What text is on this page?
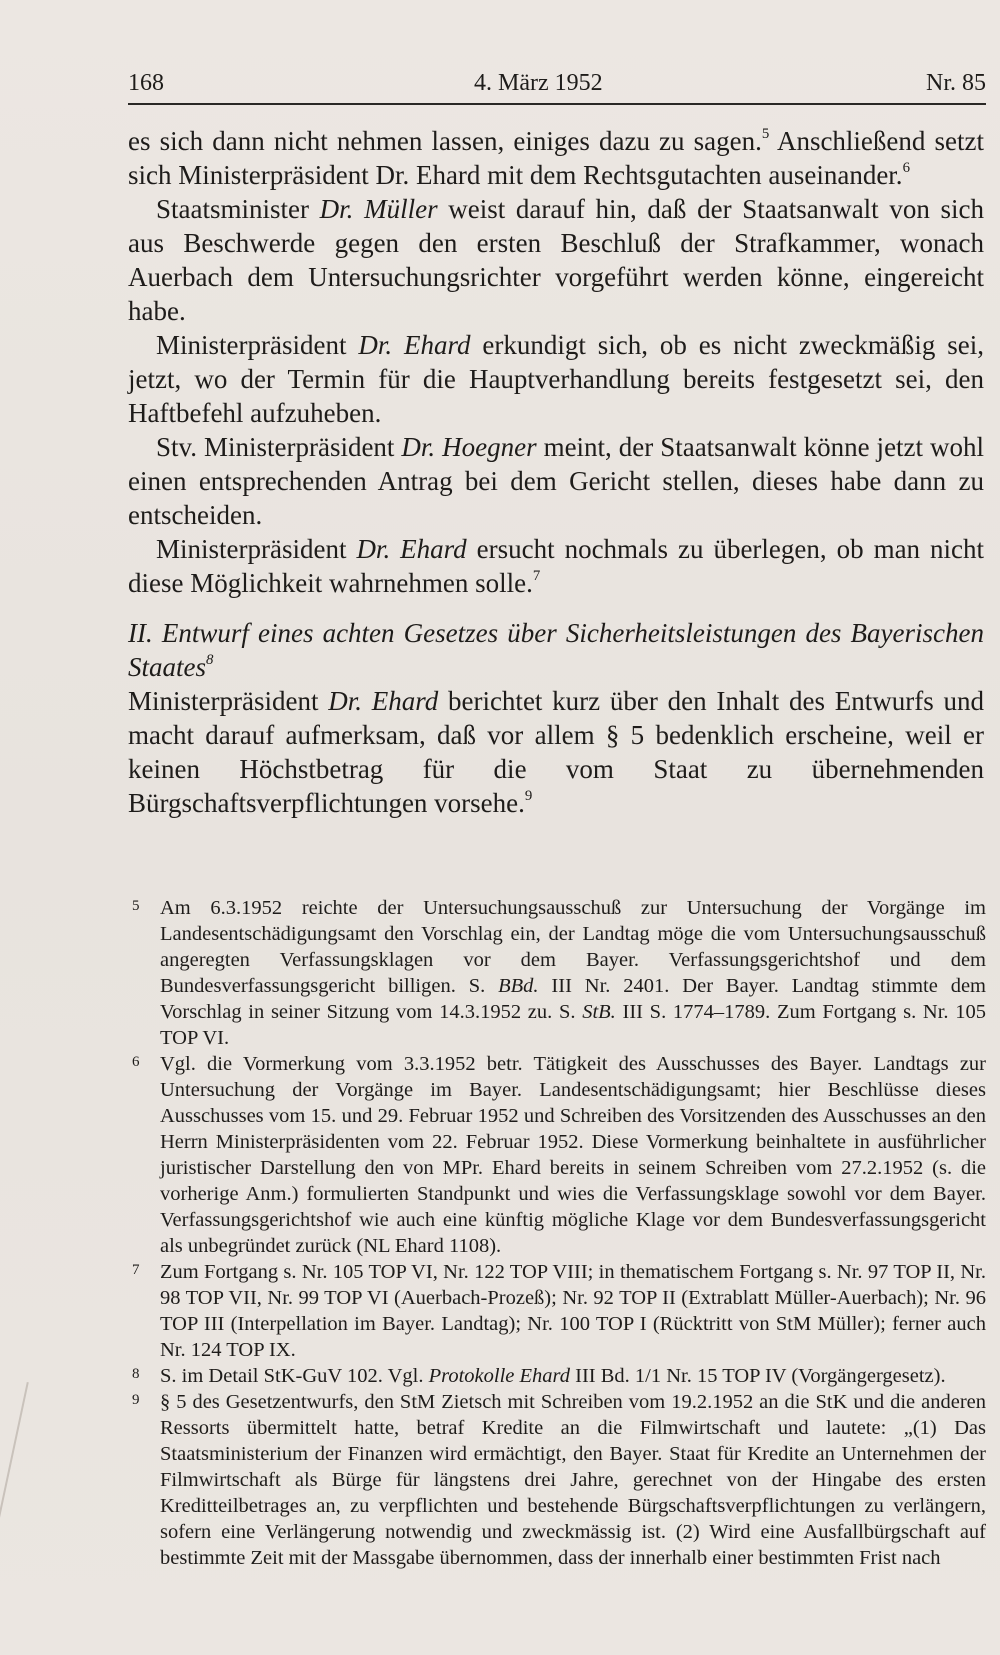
168	4. März 1952	Nr. 85

es sich dann nicht nehmen lassen, einiges dazu zu sagen.$^5$ Anschließend setzt sich Ministerpräsident Dr. Ehard mit dem Rechtsgutachten auseinander.$^6$

Staatsminister Dr. Müller weist darauf hin, daß der Staatsanwalt von sich aus Beschwerde gegen den ersten Beschluß der Strafkammer, wonach Auerbach dem Untersuchungsrichter vorgeführt werden könne, eingereicht habe.

Ministerpräsident Dr. Ehard erkundigt sich, ob es nicht zweckmäßig sei, jetzt, wo der Termin für die Hauptverhandlung bereits festgesetzt sei, den Haftbefehl aufzuheben.

Stv. Ministerpräsident Dr. Hoegner meint, der Staatsanwalt könne jetzt wohl einen entsprechenden Antrag bei dem Gericht stellen, dieses habe dann zu entscheiden.

Ministerpräsident Dr. Ehard ersucht nochmals zu überlegen, ob man nicht diese Möglichkeit wahrnehmen solle.$^7$

II. Entwurf eines achten Gesetzes über Sicherheitsleistungen des Bayerischen Staates$^8$

Ministerpräsident Dr. Ehard berichtet kurz über den Inhalt des Entwurfs und macht darauf aufmerksam, daß vor allem § 5 bedenklich erscheine, weil er keinen Höchstbetrag für die vom Staat zu übernehmenden Bürgschaftsverpflichtungen vorsehe.$^9$

5 Am 6.3.1952 reichte der Untersuchungsausschuß zur Untersuchung der Vorgänge im Landesentschädigungsamt den Vorschlag ein, der Landtag möge die vom Untersuchungsausschuß angeregten Verfassungsklagen vor dem Bayer. Verfassungsgerichtshof und dem Bundesverfassungsgericht billigen. S. BBd. III Nr. 2401. Der Bayer. Landtag stimmte dem Vorschlag in seiner Sitzung vom 14.3.1952 zu. S. StB. III S. 1774–1789. Zum Fortgang s. Nr. 105 TOP VI.

6 Vgl. die Vormerkung vom 3.3.1952 betr. Tätigkeit des Ausschusses des Bayer. Landtags zur Untersuchung der Vorgänge im Bayer. Landesentschädigungsamt; hier Beschlüsse dieses Ausschusses vom 15. und 29. Februar 1952 und Schreiben des Vorsitzenden des Ausschusses an den Herrn Ministerpräsidenten vom 22. Februar 1952. Diese Vormerkung beinhaltete in ausführlicher juristischer Darstellung den von MPr. Ehard bereits in seinem Schreiben vom 27.2.1952 (s. die vorherige Anm.) formulierten Standpunkt und wies die Verfassungsklage sowohl vor dem Bayer. Verfassungsgerichtshof wie auch eine künftig mögliche Klage vor dem Bundesverfassungsgericht als unbegründet zurück (NL Ehard 1108).

7 Zum Fortgang s. Nr. 105 TOP VI, Nr. 122 TOP VIII; in thematischem Fortgang s. Nr. 97 TOP II, Nr. 98 TOP VII, Nr. 99 TOP VI (Auerbach-Prozeß); Nr. 92 TOP II (Extrablatt Müller-Auerbach); Nr. 96 TOP III (Interpellation im Bayer. Landtag); Nr. 100 TOP I (Rücktritt von StM Müller); ferner auch Nr. 124 TOP IX.

8 S. im Detail StK-GuV 102. Vgl. Protokolle Ehard III Bd. 1/1 Nr. 15 TOP IV (Vorgängergesetz).

9 § 5 des Gesetzentwurfs, den StM Zietsch mit Schreiben vom 19.2.1952 an die StK und die anderen Ressorts übermittelt hatte, betraf Kredite an die Filmwirtschaft und lautete: „(1) Das Staatsministerium der Finanzen wird ermächtigt, den Bayer. Staat für Kredite an Unternehmen der Filmwirtschaft als Bürge für längstens drei Jahre, gerechnet von der Hingabe des ersten Kreditteilbetrages an, zu verpflichten und bestehende Bürgschaftsverpflichtungen zu verlängern, sofern eine Verlängerung notwendig und zweckmässig ist. (2) Wird eine Ausfallbürgschaft auf bestimmte Zeit mit der Massgabe übernommen, dass der innerhalb einer bestimmten Frist nach
